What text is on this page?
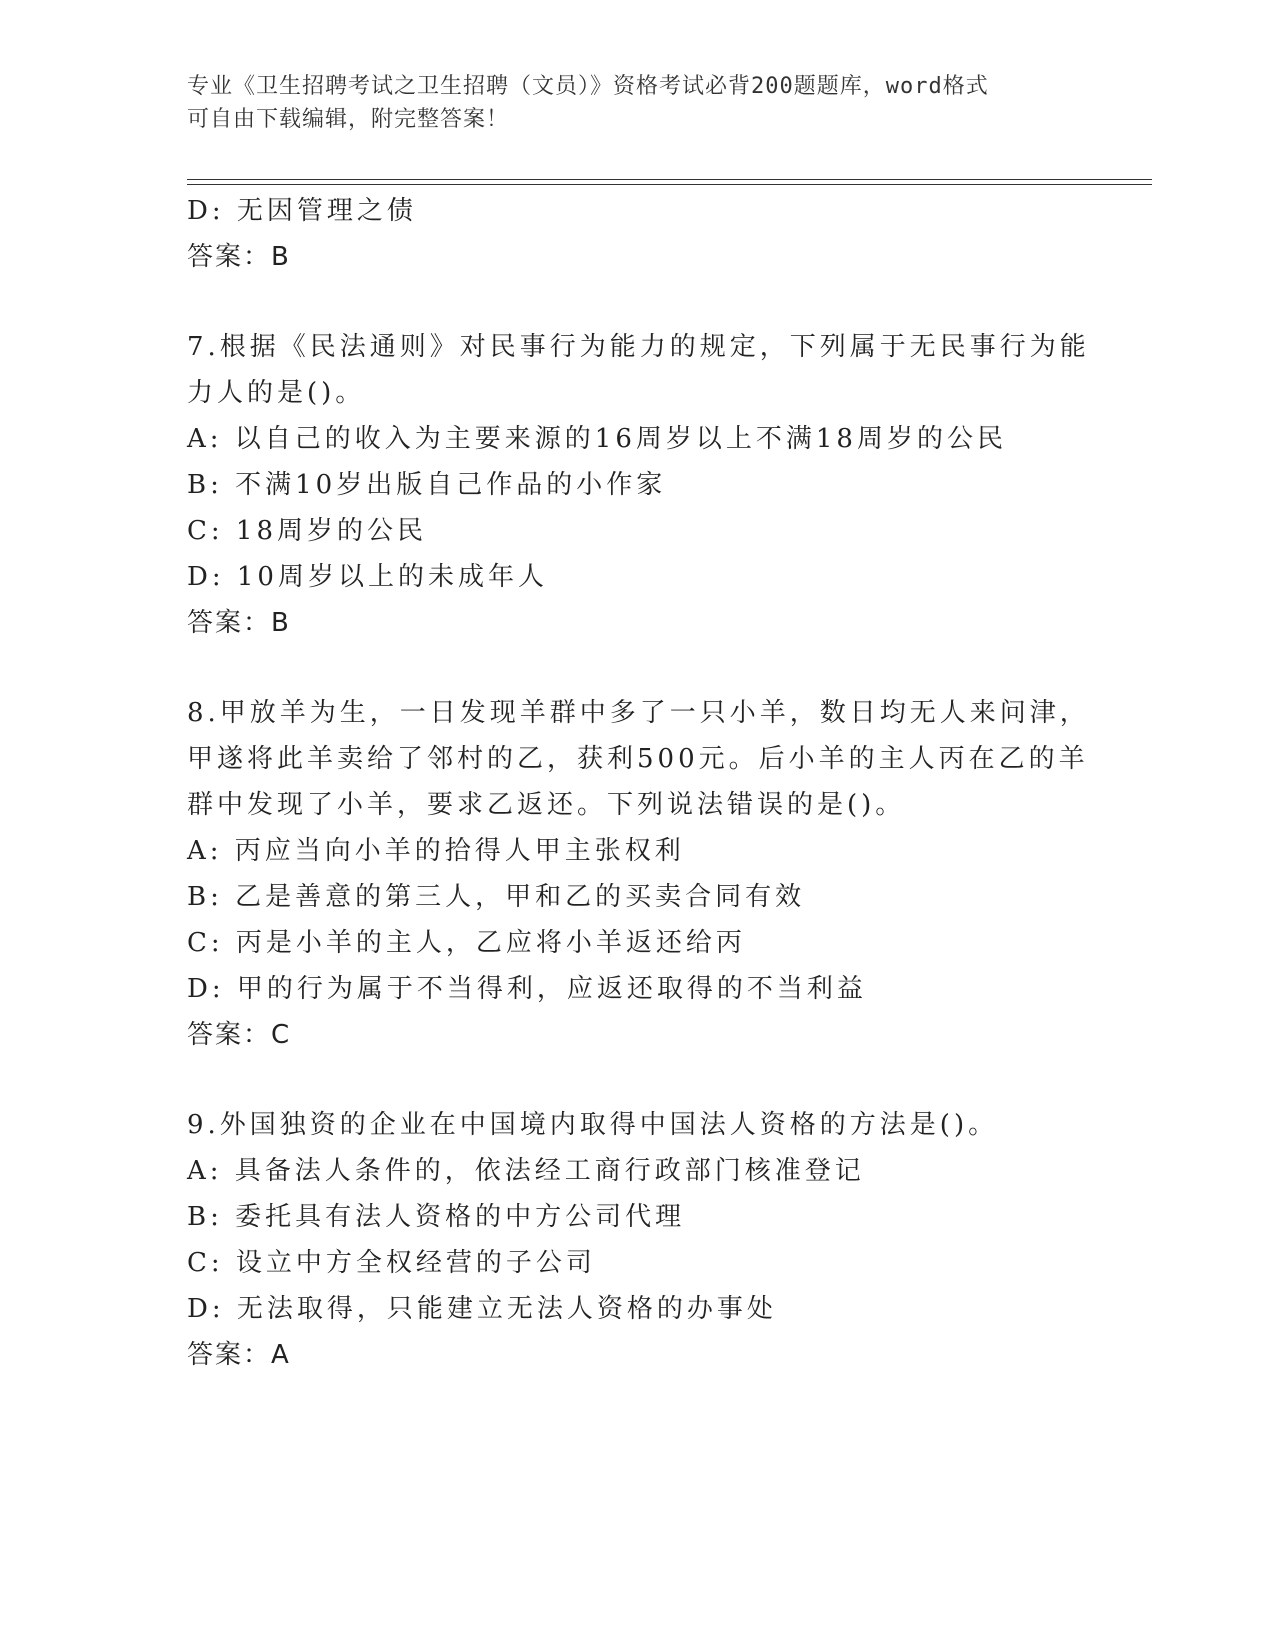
专业《卫生招聘考试之卫生招聘（文员）》资格考试必背200题题库，word格式
可自由下载编辑，附完整答案！
D: 无因管理之债
答案：B
7.根据《民法通则》对民事行为能力的规定，下列属于无民事行为能
力人的是()。
A: 以自己的收入为主要来源的16周岁以上不满18周岁的公民
B: 不满10岁出版自己作品的小作家
C: 18周岁的公民
D: 10周岁以上的未成年人
答案：B
8.甲放羊为生，一日发现羊群中多了一只小羊，数日均无人来问津，
甲遂将此羊卖给了邻村的乙，获利500元。后小羊的主人丙在乙的羊
群中发现了小羊，要求乙返还。下列说法错误的是()。
A: 丙应当向小羊的拾得人甲主张权利
B: 乙是善意的第三人，甲和乙的买卖合同有效
C: 丙是小羊的主人，乙应将小羊返还给丙
D: 甲的行为属于不当得利，应返还取得的不当利益
答案：C
9.外国独资的企业在中国境内取得中国法人资格的方法是()。
A: 具备法人条件的，依法经工商行政部门核准登记
B: 委托具有法人资格的中方公司代理
C: 设立中方全权经营的子公司
D: 无法取得，只能建立无法人资格的办事处
答案：A
